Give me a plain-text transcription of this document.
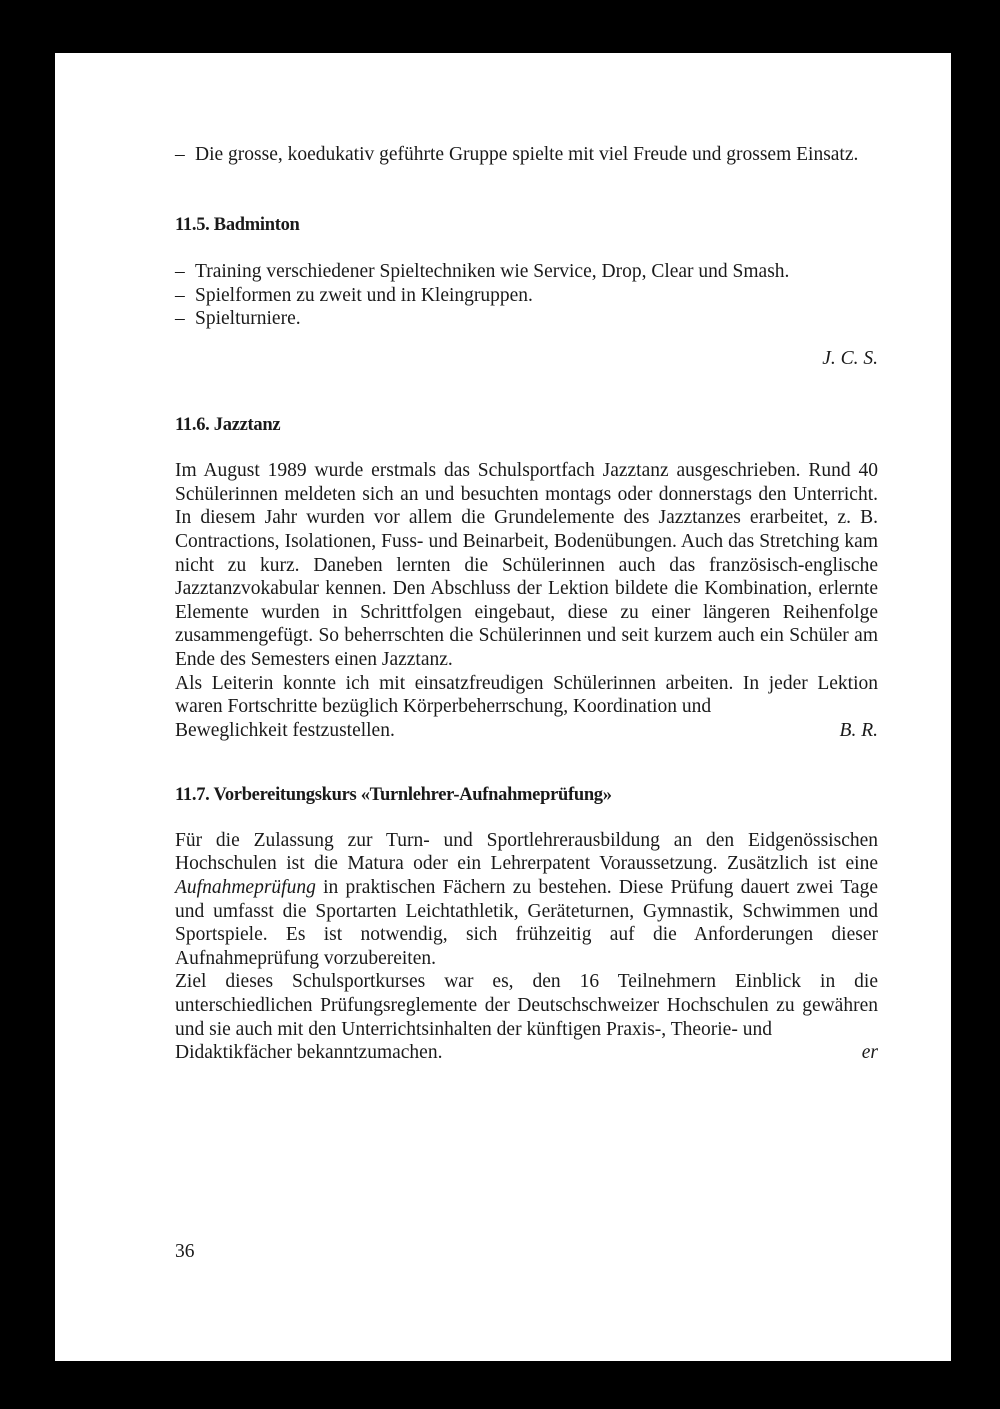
– Die grosse, koedukativ geführte Gruppe spielte mit viel Freude und grossem Einsatz.
11.5. Badminton
– Training verschiedener Spieltechniken wie Service, Drop, Clear und Smash.
– Spielformen zu zweit und in Kleingruppen.
– Spielturniere.
J. C. S.
11.6. Jazztanz
Im August 1989 wurde erstmals das Schulsportfach Jazztanz ausgeschrieben. Rund 40 Schülerinnen meldeten sich an und besuchten montags oder donnerstags den Unterricht. In diesem Jahr wurden vor allem die Grundelemente des Jazztanzes erarbeitet, z. B. Contractions, Isolationen, Fuss- und Beinarbeit, Bodenübungen. Auch das Stretching kam nicht zu kurz. Daneben lernten die Schülerinnen auch das französisch-englische Jazztanzvokabular kennen. Den Abschluss der Lektion bildete die Kombination, erlernte Elemente wurden in Schrittfolgen eingebaut, diese zu einer längeren Reihenfolge zusammengefügt. So beherrschten die Schülerinnen und seit kurzem auch ein Schüler am Ende des Semesters einen Jazztanz.
Als Leiterin konnte ich mit einsatzfreudigen Schülerinnen arbeiten. In jeder Lektion waren Fortschritte bezüglich Körperbeherrschung, Koordination und
Beweglichkeit festzustellen.	B. R.
11.7. Vorbereitungskurs «Turnlehrer-Aufnahmeprüfung»
Für die Zulassung zur Turn- und Sportlehrerausbildung an den Eidgenössischen Hochschulen ist die Matura oder ein Lehrerpatent Voraussetzung. Zusätzlich ist eine Aufnahmeprüfung in praktischen Fächern zu bestehen. Diese Prüfung dauert zwei Tage und umfasst die Sportarten Leichtathletik, Geräteturnen, Gymnastik, Schwimmen und Sportspiele. Es ist notwendig, sich frühzeitig auf die Anforderungen dieser Aufnahmeprüfung vorzubereiten.
Ziel dieses Schulsportkurses war es, den 16 Teilnehmern Einblick in die unterschiedlichen Prüfungsreglemente der Deutschschweizer Hochschulen zu gewähren und sie auch mit den Unterrichtsinhalten der künftigen Praxis-, Theorie- und
Didaktikfächer bekanntzumachen.	er
36
